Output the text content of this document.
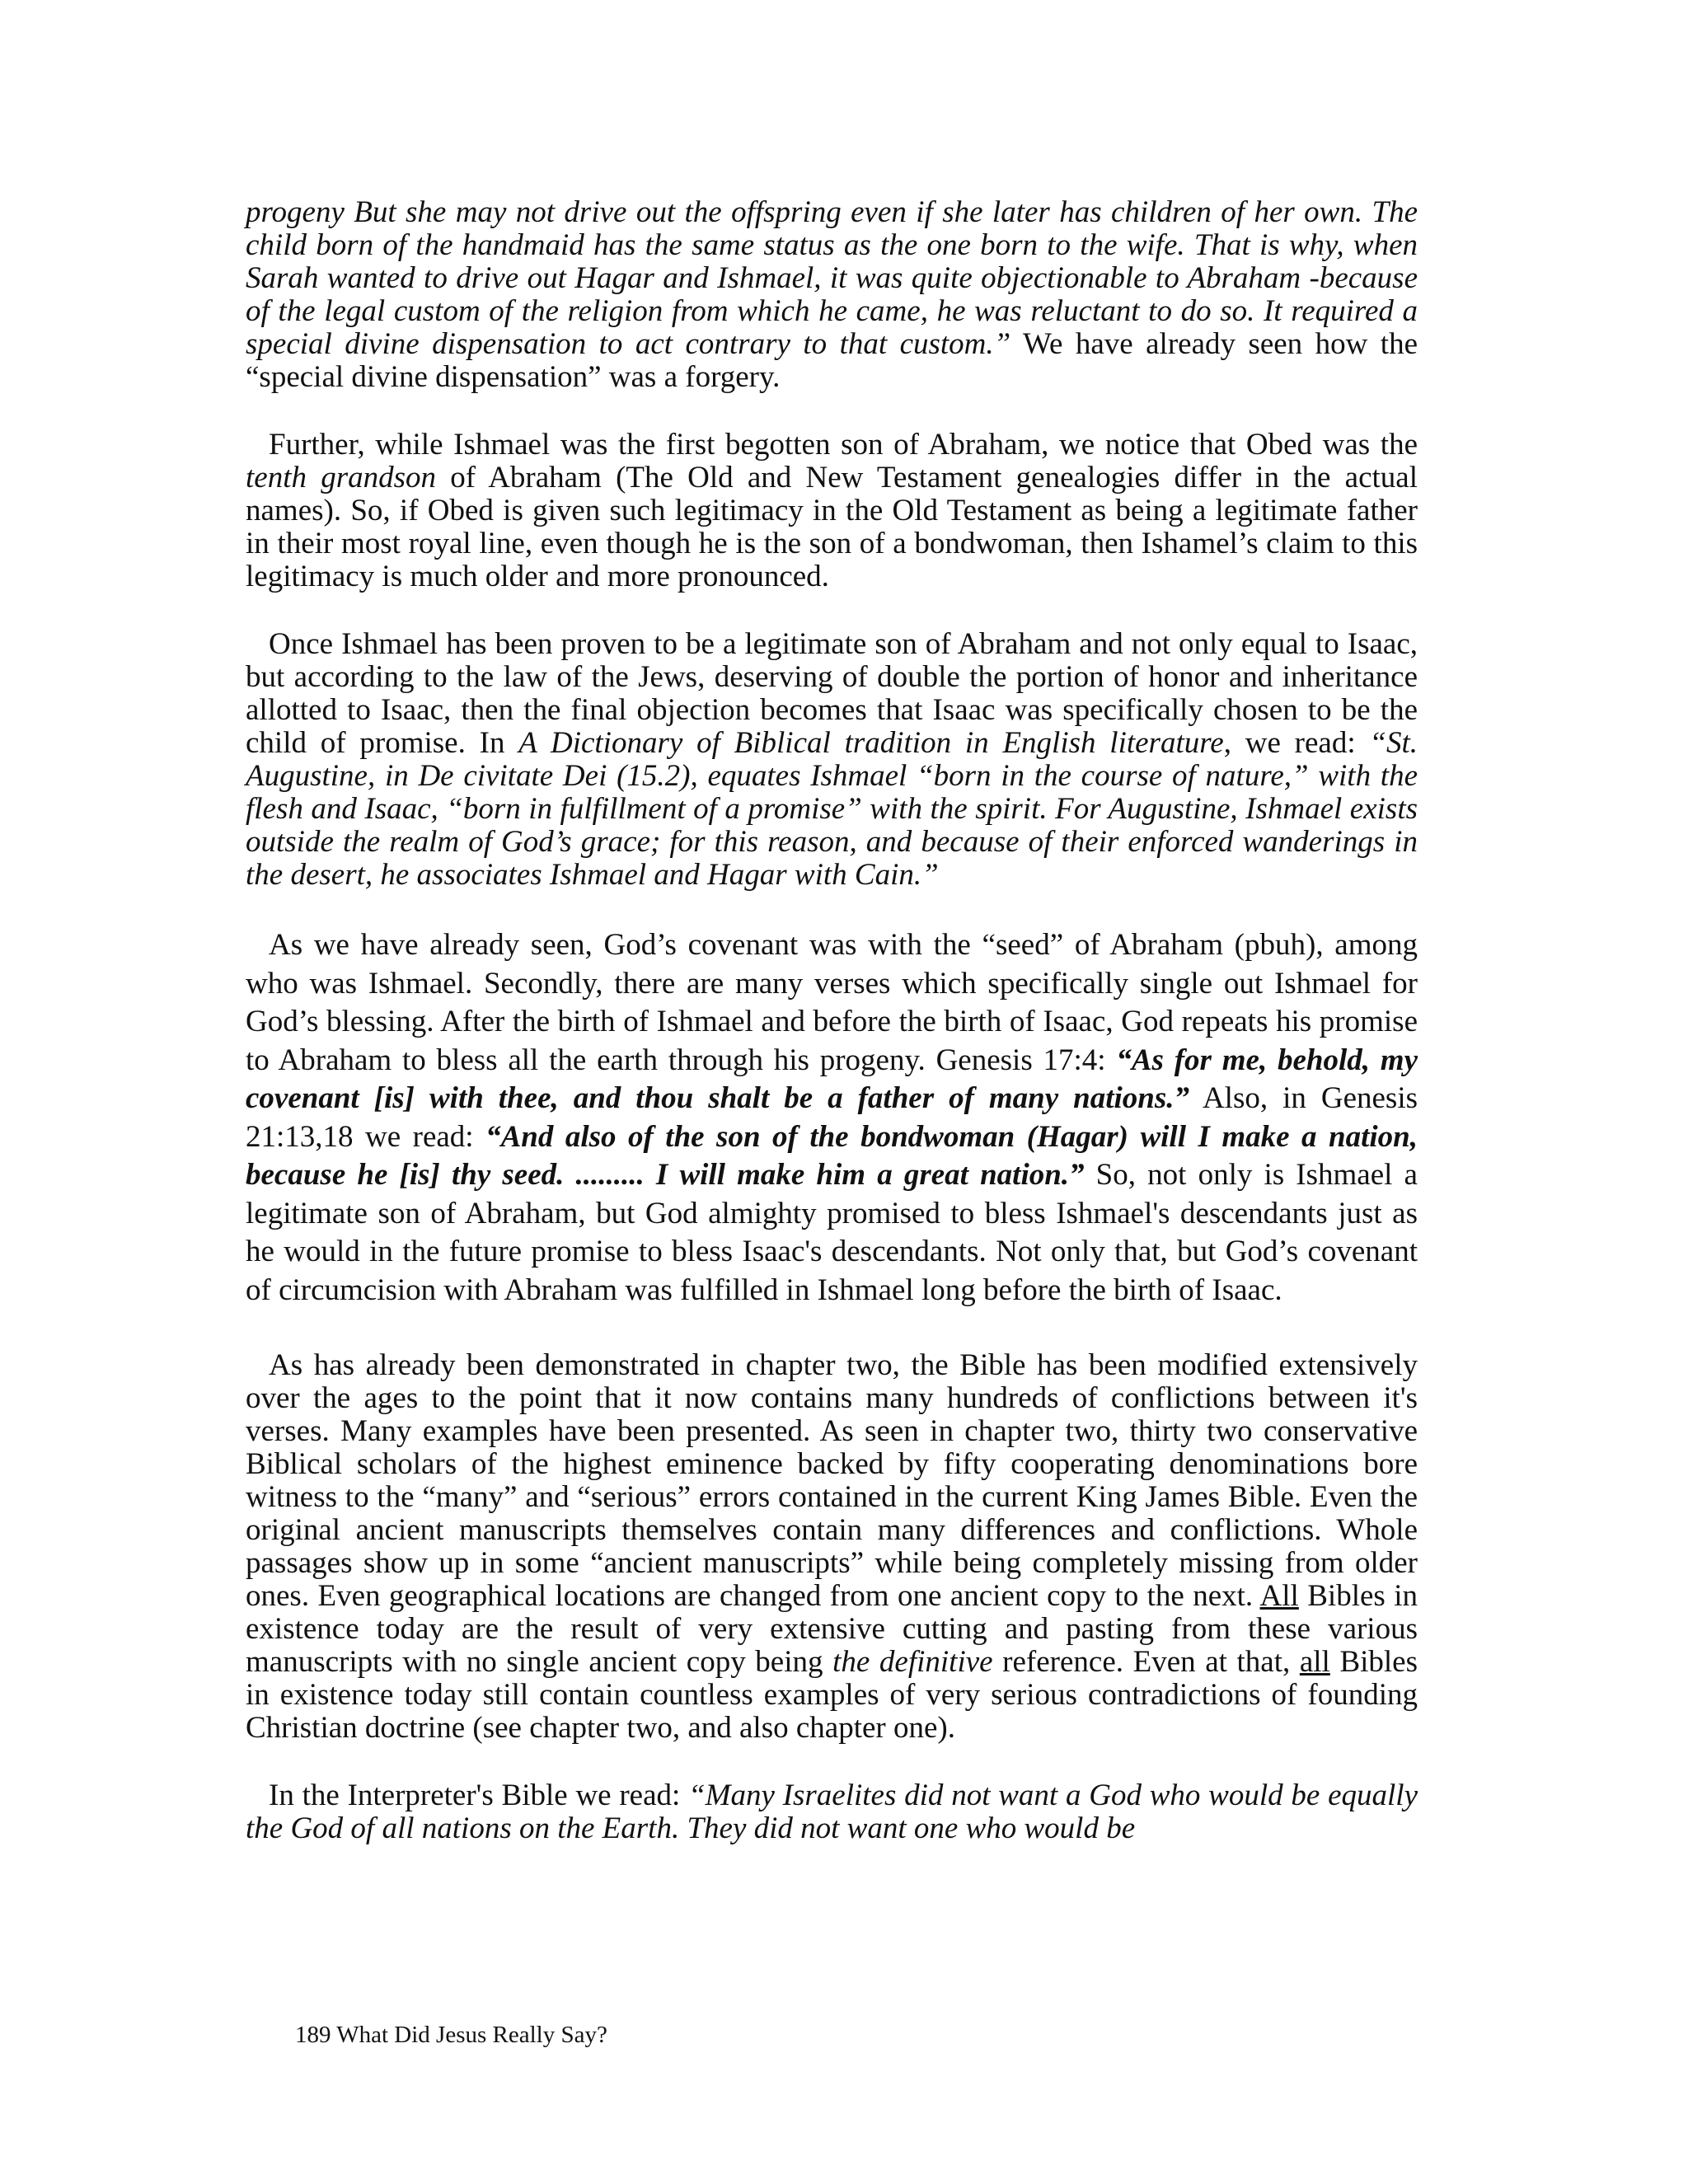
progeny But she may not drive out the offspring even if she later has children of her own. The child born of the handmaid has the same status as the one born to the wife. That is why, when Sarah wanted to drive out Hagar and Ishmael, it was quite objectionable to Abraham -because of the legal custom of the religion from which he came, he was reluctant to do so. It required a special divine dispensation to act contrary to that custom.” We have already seen how the “special divine dispensation” was a forgery.

Further, while Ishmael was the first begotten son of Abraham, we notice that Obed was the tenth grandson of Abraham (The Old and New Testament genealogies differ in the actual names). So, if Obed is given such legitimacy in the Old Testament as being a legitimate father in their most royal line, even though he is the son of a bondwoman, then Ishamel’s claim to this legitimacy is much older and more pronounced.

Once Ishmael has been proven to be a legitimate son of Abraham and not only equal to Isaac, but according to the law of the Jews, deserving of double the portion of honor and inheritance allotted to Isaac, then the final objection becomes that Isaac was specifically chosen to be the child of promise. In A Dictionary of Biblical tradition in English literature, we read: “St. Augustine, in De civitate Dei (15.2), equates Ishmael “born in the course of nature,” with the flesh and Isaac, “born in fulfillment of a promise” with the spirit. For Augustine, Ishmael exists outside the realm of God’s grace; for this reason, and because of their enforced wanderings in the desert, he associates Ishmael and Hagar with Cain.”

As we have already seen, God’s covenant was with the “seed” of Abraham (pbuh), among who was Ishmael. Secondly, there are many verses which specifically single out Ishmael for God’s blessing. After the birth of Ishmael and before the birth of Isaac, God repeats his promise to Abraham to bless all the earth through his progeny. Genesis 17:4: “As for me, behold, my covenant [is] with thee, and thou shalt be a father of many nations.” Also, in Genesis 21:13,18 we read: “And also of the son of the bondwoman (Hagar) will I make a nation, because he [is] thy seed. ......... I will make him a great nation.” So, not only is Ishmael a legitimate son of Abraham, but God almighty promised to bless Ishmael's descendants just as he would in the future promise to bless Isaac's descendants. Not only that, but God’s covenant of circumcision with Abraham was fulfilled in Ishmael long before the birth of Isaac.

As has already been demonstrated in chapter two, the Bible has been modified extensively over the ages to the point that it now contains many hundreds of conflictions between it's verses. Many examples have been presented. As seen in chapter two, thirty two conservative Biblical scholars of the highest eminence backed by fifty cooperating denominations bore witness to the “many” and “serious” errors contained in the current King James Bible. Even the original ancient manuscripts themselves contain many differences and conflictions. Whole passages show up in some “ancient manuscripts” while being completely missing from older ones. Even geographical locations are changed from one ancient copy to the next. All Bibles in existence today are the result of very extensive cutting and pasting from these various manuscripts with no single ancient copy being the definitive reference. Even at that, all Bibles in existence today still contain countless examples of very serious contradictions of founding Christian doctrine (see chapter two, and also chapter one).

In the Interpreter's Bible we read: “Many Israelites did not want a God who would be equally the God of all nations on the Earth. They did not want one who would be

189 What Did Jesus Really Say?
